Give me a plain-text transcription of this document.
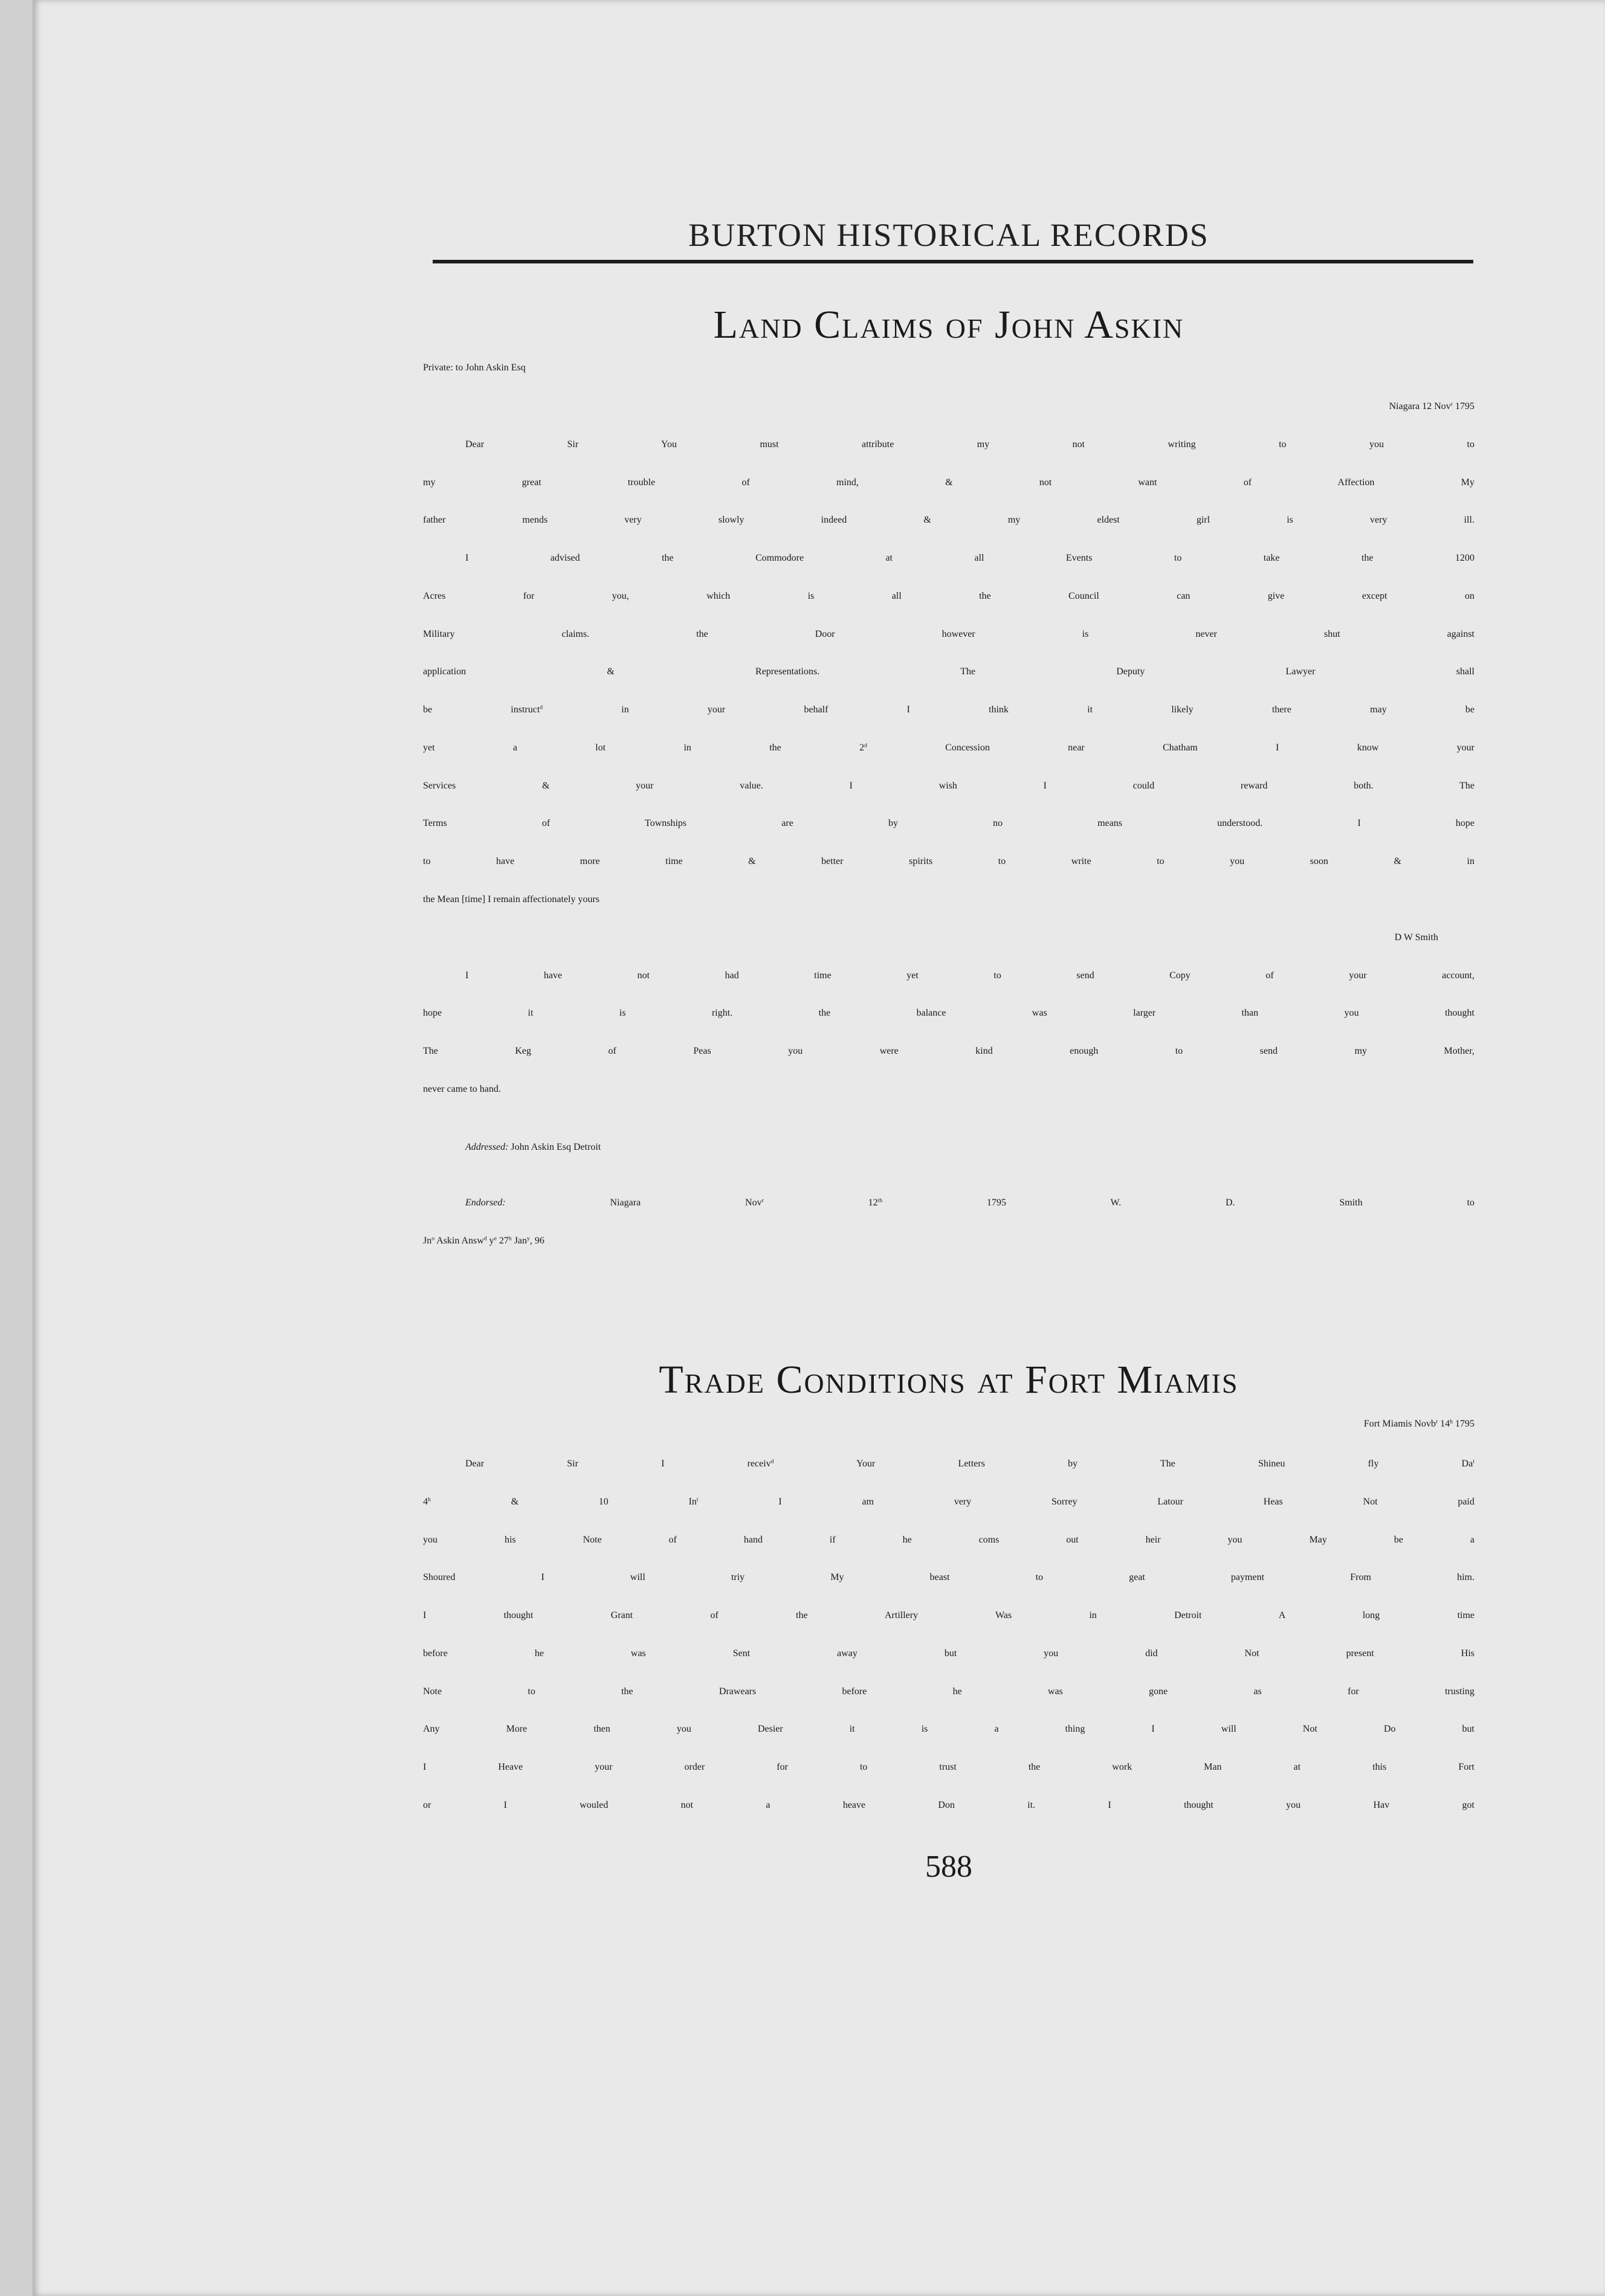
BURTON HISTORICAL RECORDS
Land Claims of John Askin
Private: to John Askin Esq
Niagara 12 Nov$^r$ 1795
Dear Sir You must attribute my not writing to you to
my great trouble of mind, & not want of Affection My
father mends very slowly indeed & my eldest girl is very ill.
I advised the Commodore at all Events to take the 1200
Acres for you, which is all the Council can give except on
Military claims. the Door however is never shut against
application & Representations. The Deputy Lawyer shall
be instruct$^d$ in your behalf I think it likely there may be
yet a lot in the 2$^d$ Concession near Chatham I know your
Services & your value. I wish I could reward both. The
Terms of Townships are by no means understood. I hope
to have more time & better spirits to write to you soon & in
the Mean [time] I remain affectionately yours
D W Smith
I have not had time yet to send Copy of your account,
hope it is right. the balance was larger than you thought
The Keg of Peas you were kind enough to send my Mother,
never came to hand.
Addressed: John Askin Esq Detroit
Endorsed:	Niagara Nov$^r$ 12th 1795 W. D. Smith to
Jn$^o$ Askin Answ$^d$ $y^e$ 27$^h$ Jan$^y$, 96
Trade Conditions at Fort Miamis
Fort Miamis Novb$^r$ 14$^h$ 1795
Dear Sir I receiv$^d$ Your Letters by The Shineu fly Da$^t$
4$^h$ & 10 In$^t$ I am very Sorrey Latour Heas Not paid
you his Note of hand if he coms out heir you May be a
Shoured I will triy My beast to geat payment From him.
I thought Grant of the Artillery Was in Detroit A long time
before he was Sent away but you did Not present His
Note to the Drawears before he was gone as for trusting
Any More then you Desier it is a thing I will Not Do but
I Heave your order for to trust the work Man at this Fort
or I wouled not a heave Don it. I thought you Hav got
588
